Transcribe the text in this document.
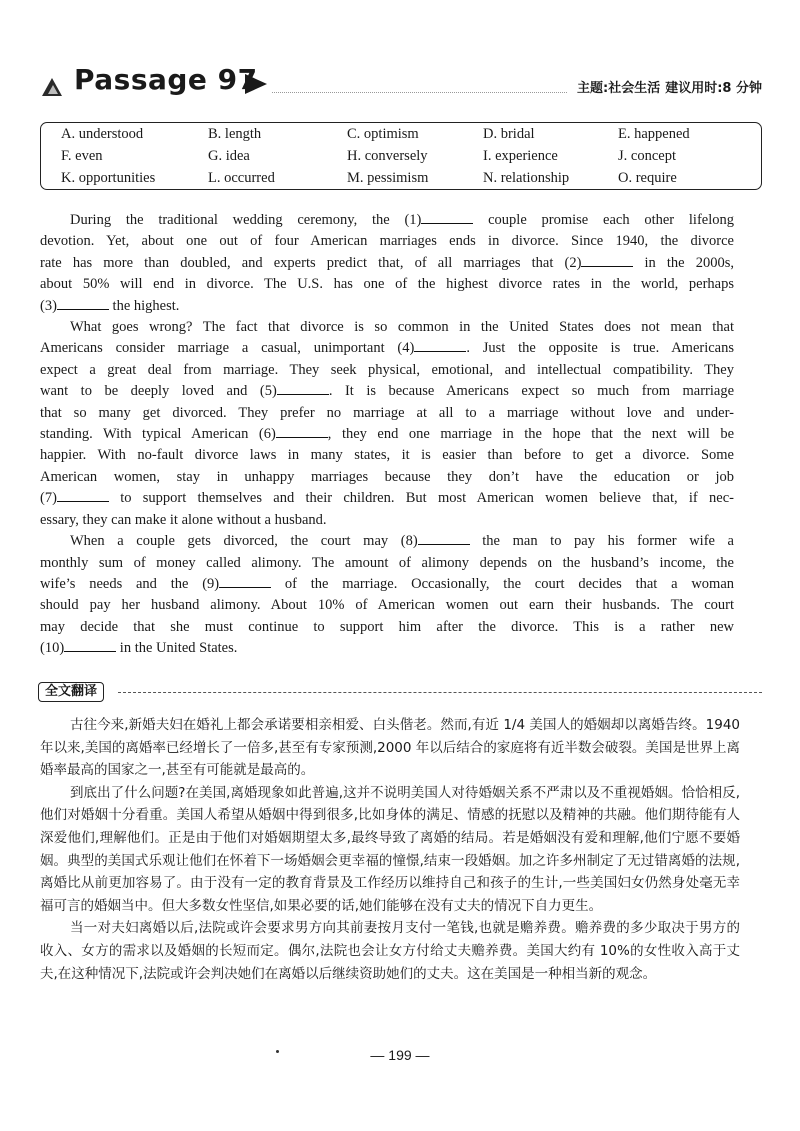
Passage 97	主题:社会生活 建议用时:8 分钟
A. understood	B. length	C. optimism	D. bridal	E. happened
F. even	G. idea	H. conversely	I. experience	J. concept
K. opportunities	L. occurred	M. pessimism	N. relationship	O. require

During the traditional wedding ceremony, the (1)	couple promise each other lifelong
devotion. Yet, about one out of four American marriages ends in divorce. Since 1940, the divorce
rate has more than doubled, and experts predict that, of all marriages that (2)	in the 2000s,
about 50% will end in divorce. The U.S. has one of the highest divorce rates in the world, perhaps
(3)	the highest.

What goes wrong? The fact that divorce is so common in the United States does not mean that
Americans consider marriage a casual, unimportant (4)	. Just the opposite is true. Americans
expect a great deal from marriage. They seek physical, emotional, and intellectual compatibility. They
want to be deeply loved and (5)	. It is because Americans expect so much from marriage
that so many get divorced. They prefer no marriage at all to a marriage without love and under-
standing. With typical American (6)	, they end one marriage in the hope that the next will be
happier. With no-fault divorce laws in many states, it is easier than before to get a divorce. Some
American women, stay in unhappy marriages because they don’t have the education or job
(7)	to support themselves and their children. But most American women believe that, if nec-
essary, they can make it alone without a husband.

When a couple gets divorced, the court may (8)	the man to pay his former wife a
monthly sum of money called alimony. The amount of alimony depends on the husband’s income, the
wife’s needs and the (9)	of the marriage. Occasionally, the court decides that a woman
should pay her husband alimony. About 10% of American women out earn their husbands. The court
may decide that she must continue to support him after the divorce. This is a rather new
(10)	in the United States.

全文翻译

古往今来,新婚夫妇在婚礼上都会承诺要相亲相爱、白头偕老。然而,有近 1/4 美国人的婚姻却以离婚告终。1940 年以来,美国的离婚率已经增长了一倍多,甚至有专家预测,2000 年以后结合的家庭将有近半数会破裂。美国是世界上离婚率最高的国家之一,甚至有可能就是最高的。

到底出了什么问题?在美国,离婚现象如此普遍,这并不说明美国人对待婚姻关系不严肃以及不重视婚姻。恰恰相反,他们对婚姻十分看重。美国人希望从婚姻中得到很多,比如身体的满足、情感的抚慰以及精神的共融。他们期待能有人深爱他们,理解他们。正是由于他们对婚姻期望太多,最终导致了离婚的结局。若是婚姻没有爱和理解,他们宁愿不要婚姻。典型的美国式乐观让他们在怀着下一场婚姻会更幸福的憧憬,结束一段婚姻。加之许多州制定了无过错离婚的法规,离婚比从前更加容易了。由于没有一定的教育背景及工作经历以维持自己和孩子的生计,一些美国妇女仍然身处毫无幸福可言的婚姻当中。但大多数女性坚信,如果必要的话,她们能够在没有丈夫的情况下自力更生。

当一对夫妇离婚以后,法院或许会要求男方向其前妻按月支付一笔钱,也就是赡养费。赡养费的多少取决于男方的收入、女方的需求以及婚姻的长短而定。偶尔,法院也会让女方付给丈夫赡养费。美国大约有 10%的女性收入高于丈夫,在这种情况下,法院或许会判决她们在离婚以后继续资助她们的丈夫。这在美国是一种相当新的观念。

— 199 —
